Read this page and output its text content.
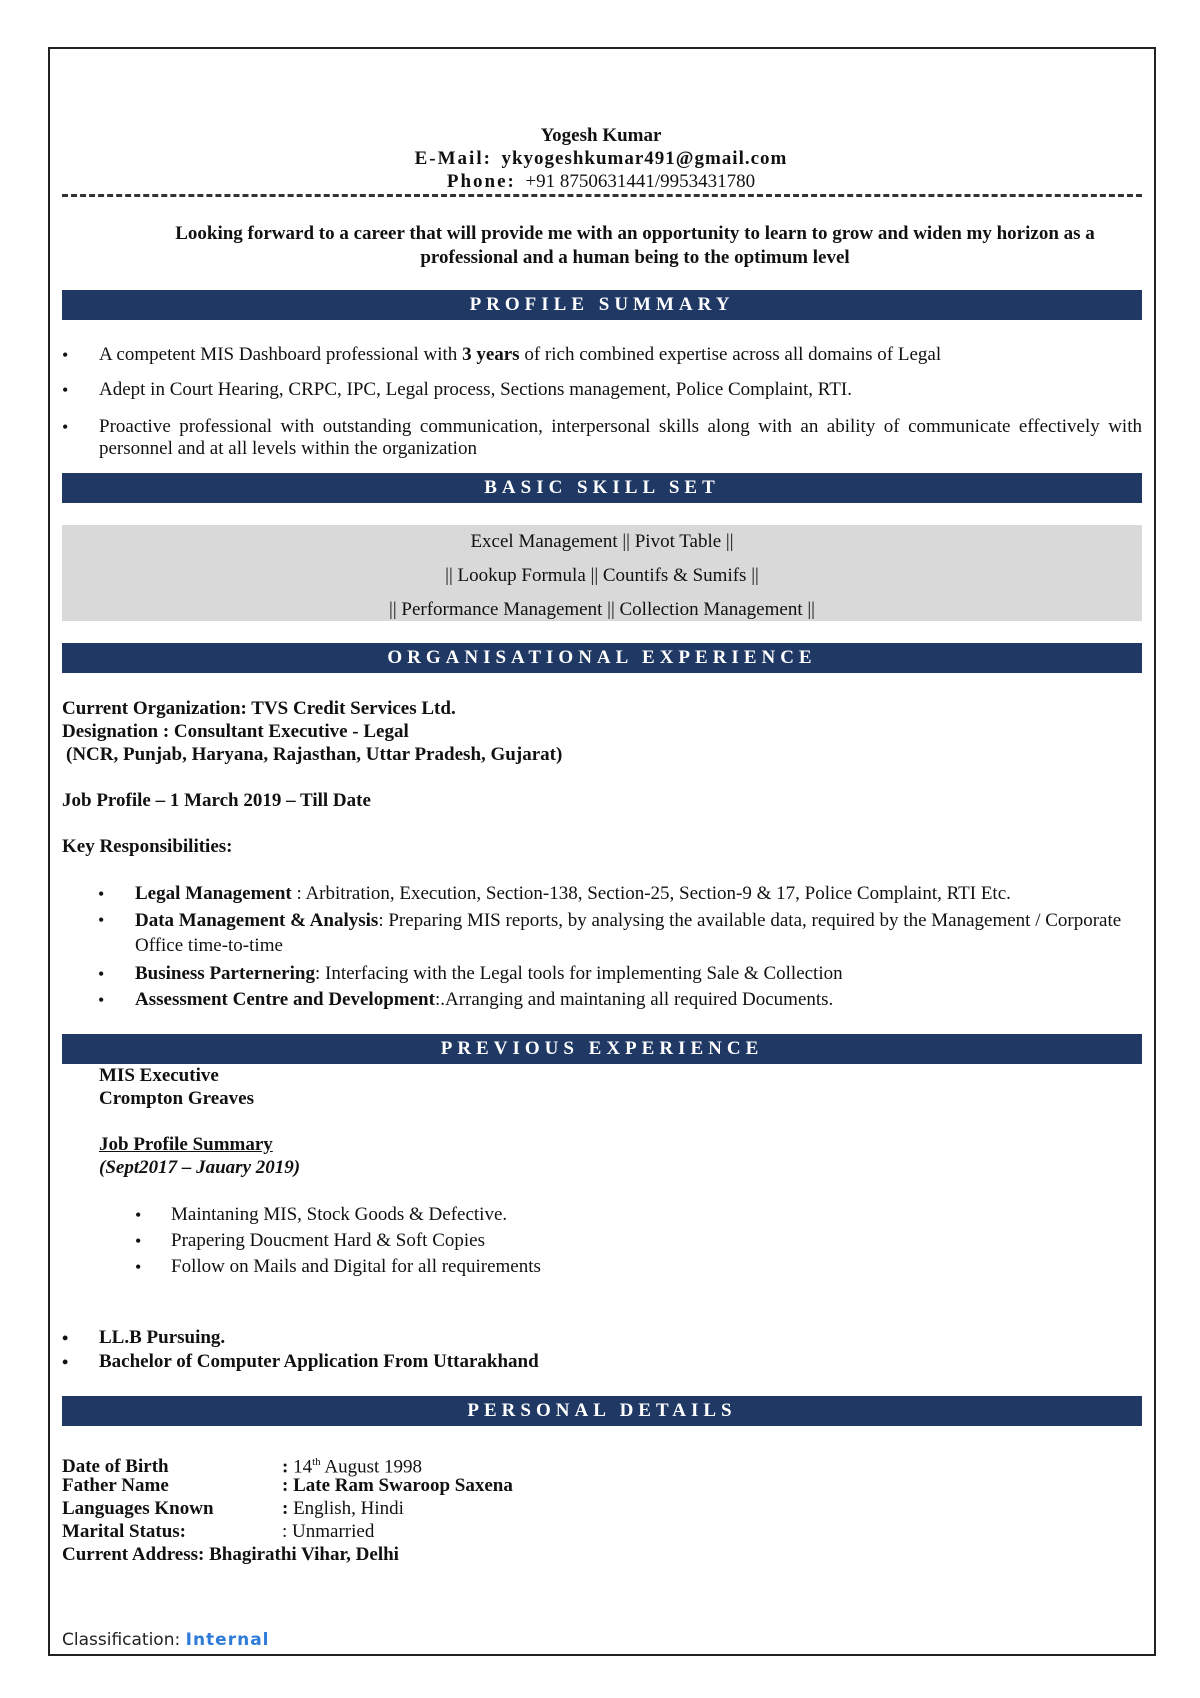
Yogesh Kumar
E-Mail: ykyogeshkumar491@gmail.com
Phone: +91 8750631441/9953431780
Looking forward to a career that will provide me with an opportunity to learn to grow and widen my horizon as a professional and a human being to the optimum level
PROFILE SUMMARY
• A competent MIS Dashboard professional with 3 years of rich combined expertise across all domains of Legal
• Adept in Court Hearing, CRPC, IPC, Legal process, Sections management, Police Complaint, RTI.
• Proactive professional with outstanding communication, interpersonal skills along with an ability of communicate effectively with personnel and at all levels within the organization
BASIC SKILL SET
Excel Management || Pivot Table ||
|| Lookup Formula || Countifs & Sumifs ||
|| Performance Management || Collection Management ||
ORGANISATIONAL EXPERIENCE
Current Organization: TVS Credit Services Ltd.
Designation : Consultant Executive - Legal
(NCR, Punjab, Haryana, Rajasthan, Uttar Pradesh, Gujarat)
Job Profile – 1 March 2019 – Till Date
Key Responsibilities:
• Legal Management : Arbitration, Execution, Section-138, Section-25, Section-9 & 17, Police Complaint, RTI Etc.
• Data Management & Analysis: Preparing MIS reports, by analysing the available data, required by the Management / Corporate Office time-to-time
• Business Parternering: Interfacing with the Legal tools for implementing Sale & Collection
• Assessment Centre and Development:.Arranging and maintaning all required Documents.
PREVIOUS EXPERIENCE
MIS Executive
Crompton Greaves
Job Profile Summary
(Sept2017 – Jauary 2019)
• Maintaning MIS, Stock Goods & Defective.
• Prapering Doucment Hard & Soft Copies
• Follow on Mails and Digital for all requirements
• LL.B Pursuing.
• Bachelor of Computer Application From Uttarakhand
PERSONAL DETAILS
Date of Birth	: 14th August 1998
Father Name	: Late Ram Swaroop Saxena
Languages Known	: English, Hindi
Marital Status:	: Unmarried
Current Address: Bhagirathi Vihar, Delhi
Classification: Internal
